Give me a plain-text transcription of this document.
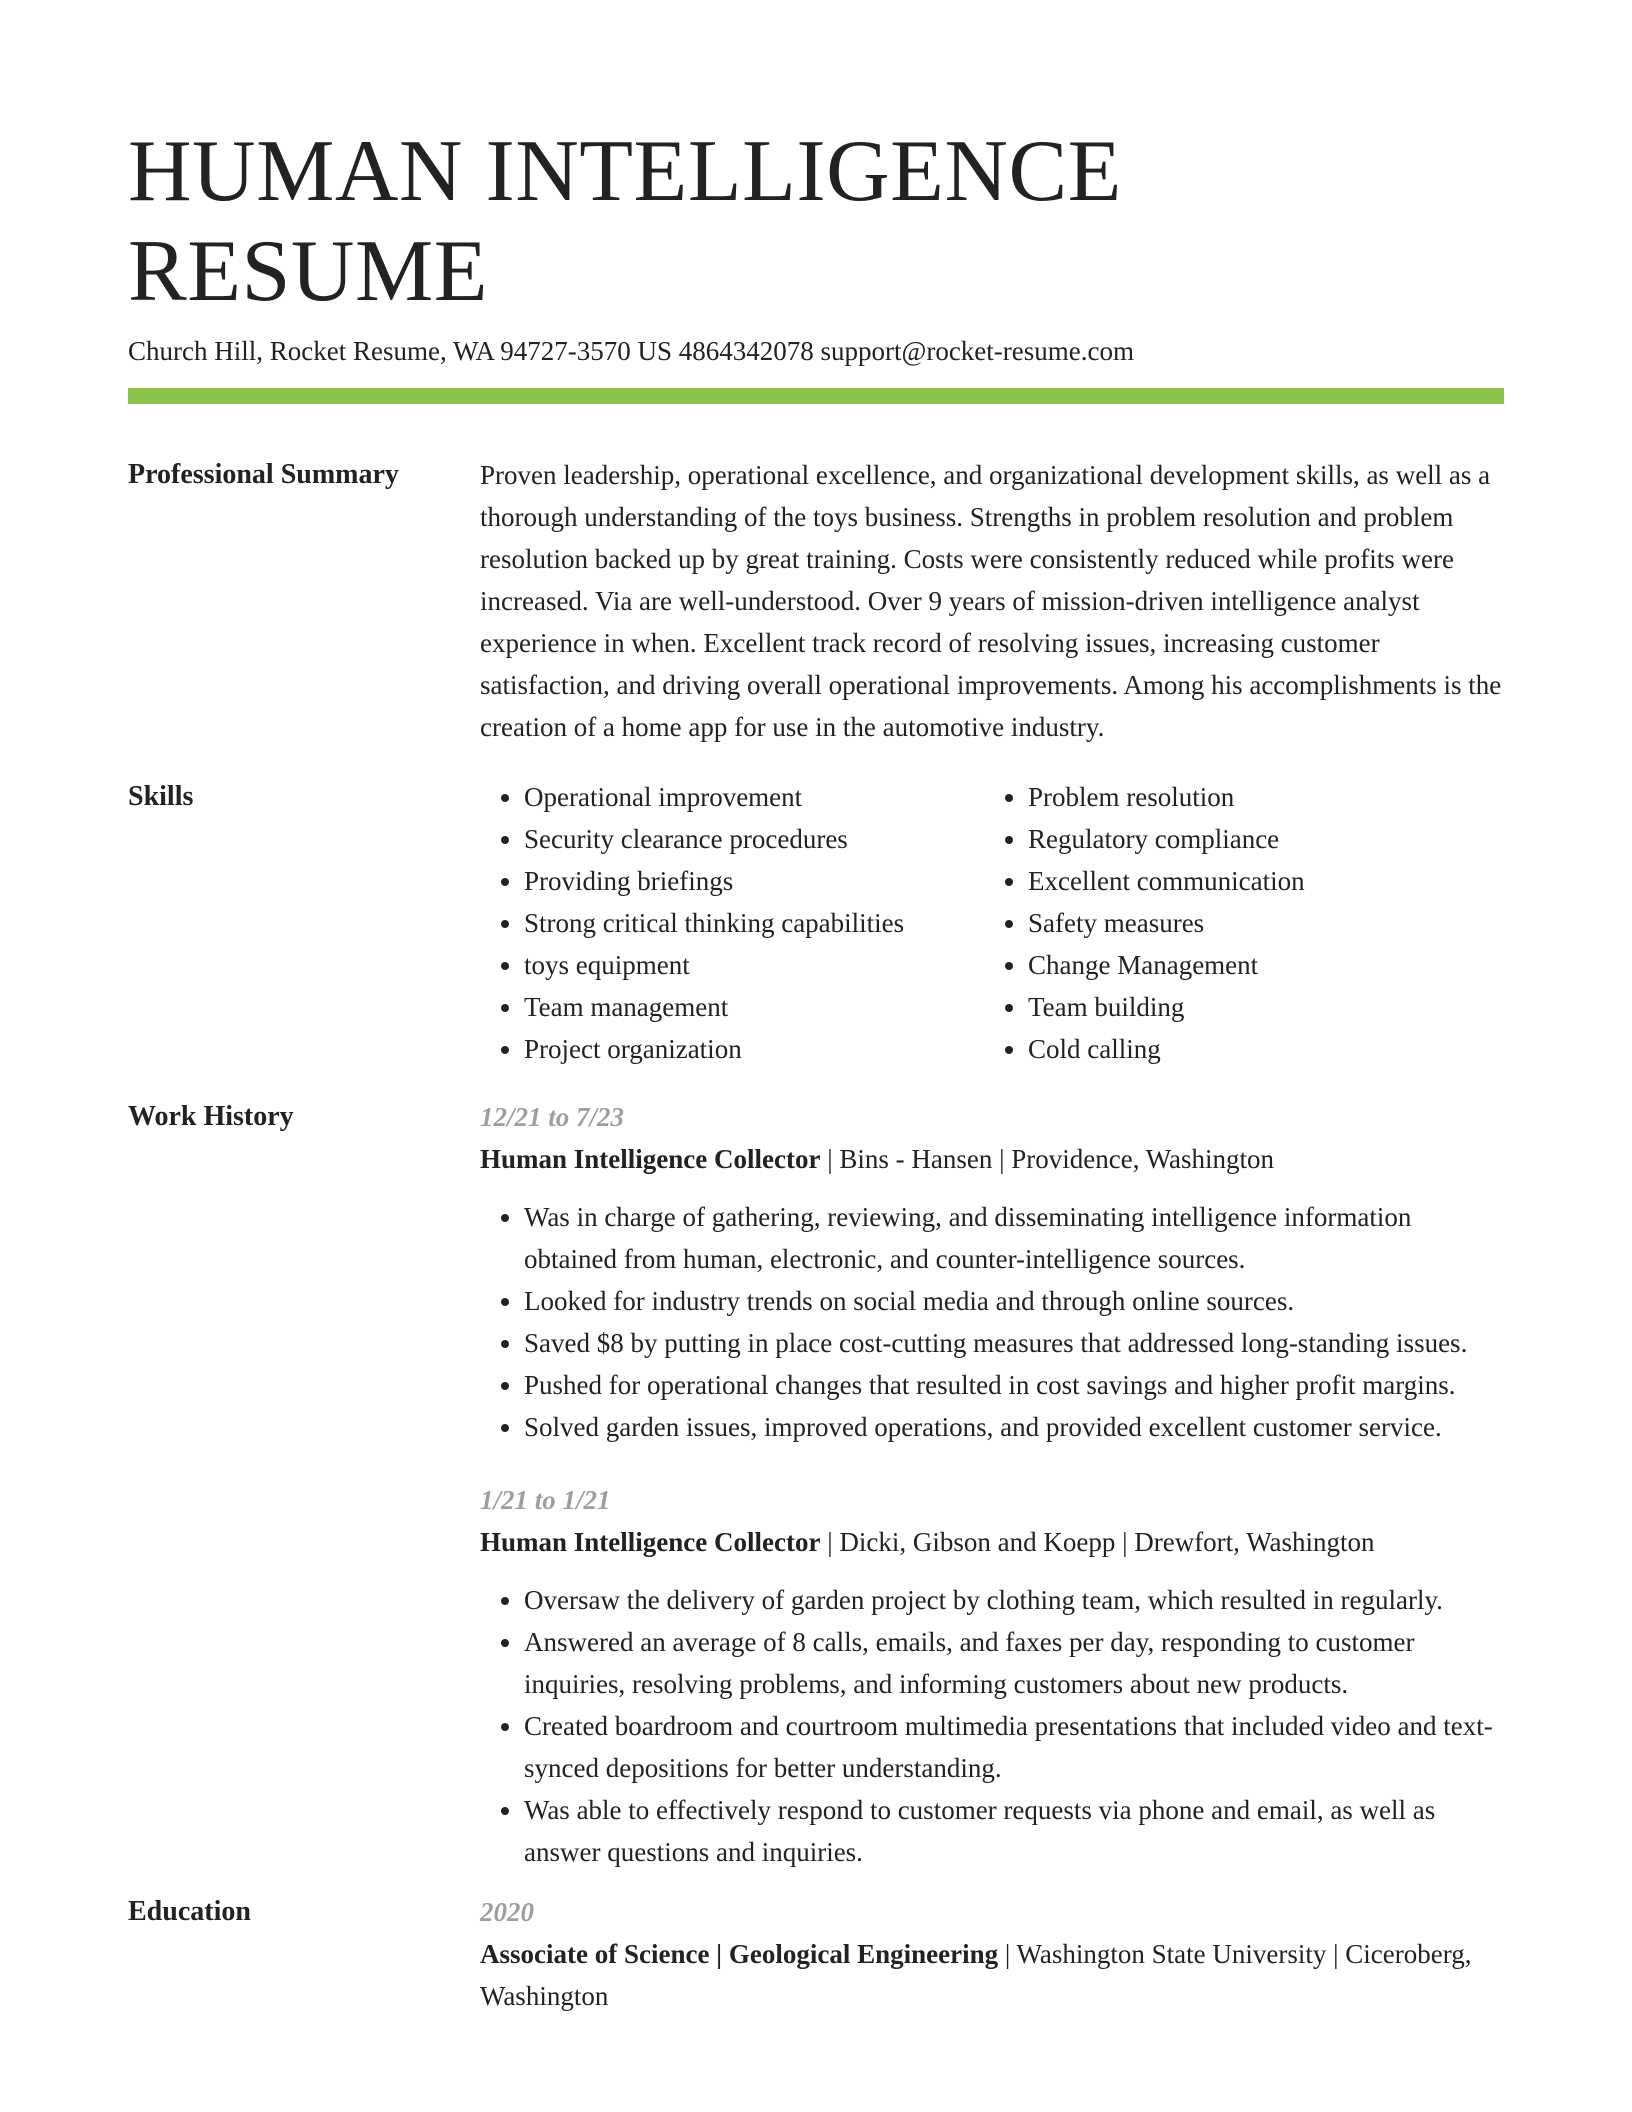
HUMAN INTELLIGENCE RESUME
Church Hill, Rocket Resume, WA 94727-3570 US 4864342078 support@rocket-resume.com
Professional Summary	Proven leadership, operational excellence, and organizational development skills, as well as a thorough understanding of the toys business. Strengths in problem resolution and problem resolution backed up by great training. Costs were consistently reduced while profits were increased. Via are well-understood. Over 9 years of mission-driven intelligence analyst experience in when. Excellent track record of resolving issues, increasing customer satisfaction, and driving overall operational improvements. Among his accomplishments is the creation of a home app for use in the automotive industry.

Skills
•	Operational improvement
• Security clearance procedures
• Providing briefings
• Strong critical thinking capabilities
• toys equipment
• Team management
• Project organization
• Problem resolution
• Regulatory compliance
• Excellent communication
• Safety measures
• Change Management
• Team building
• Cold calling
Work History	12/21 to 7/23
Human Intelligence Collector | Bins - Hansen | Providence, Washington
• Was in charge of gathering, reviewing, and disseminating intelligence information obtained from human, electronic, and counter-intelligence sources.
• Looked for industry trends on social media and through online sources.
• Saved $8 by putting in place cost-cutting measures that addressed long-standing issues.
• Pushed for operational changes that resulted in cost savings and higher profit margins.
• Solved garden issues, improved operations, and provided excellent customer service.
1/21 to 1/21
Human Intelligence Collector | Dicki, Gibson and Koepp | Drewfort, Washington
• Oversaw the delivery of garden project by clothing team, which resulted in regularly.
• Answered an average of 8 calls, emails, and faxes per day, responding to customer inquiries, resolving problems, and informing customers about new products.
• Created boardroom and courtroom multimedia presentations that included video and text-synced depositions for better understanding.
• Was able to effectively respond to customer requests via phone and email, as well as answer questions and inquiries.
Education	2020
Associate of Science | Geological Engineering | Washington State University | Ciceroberg, Washington
